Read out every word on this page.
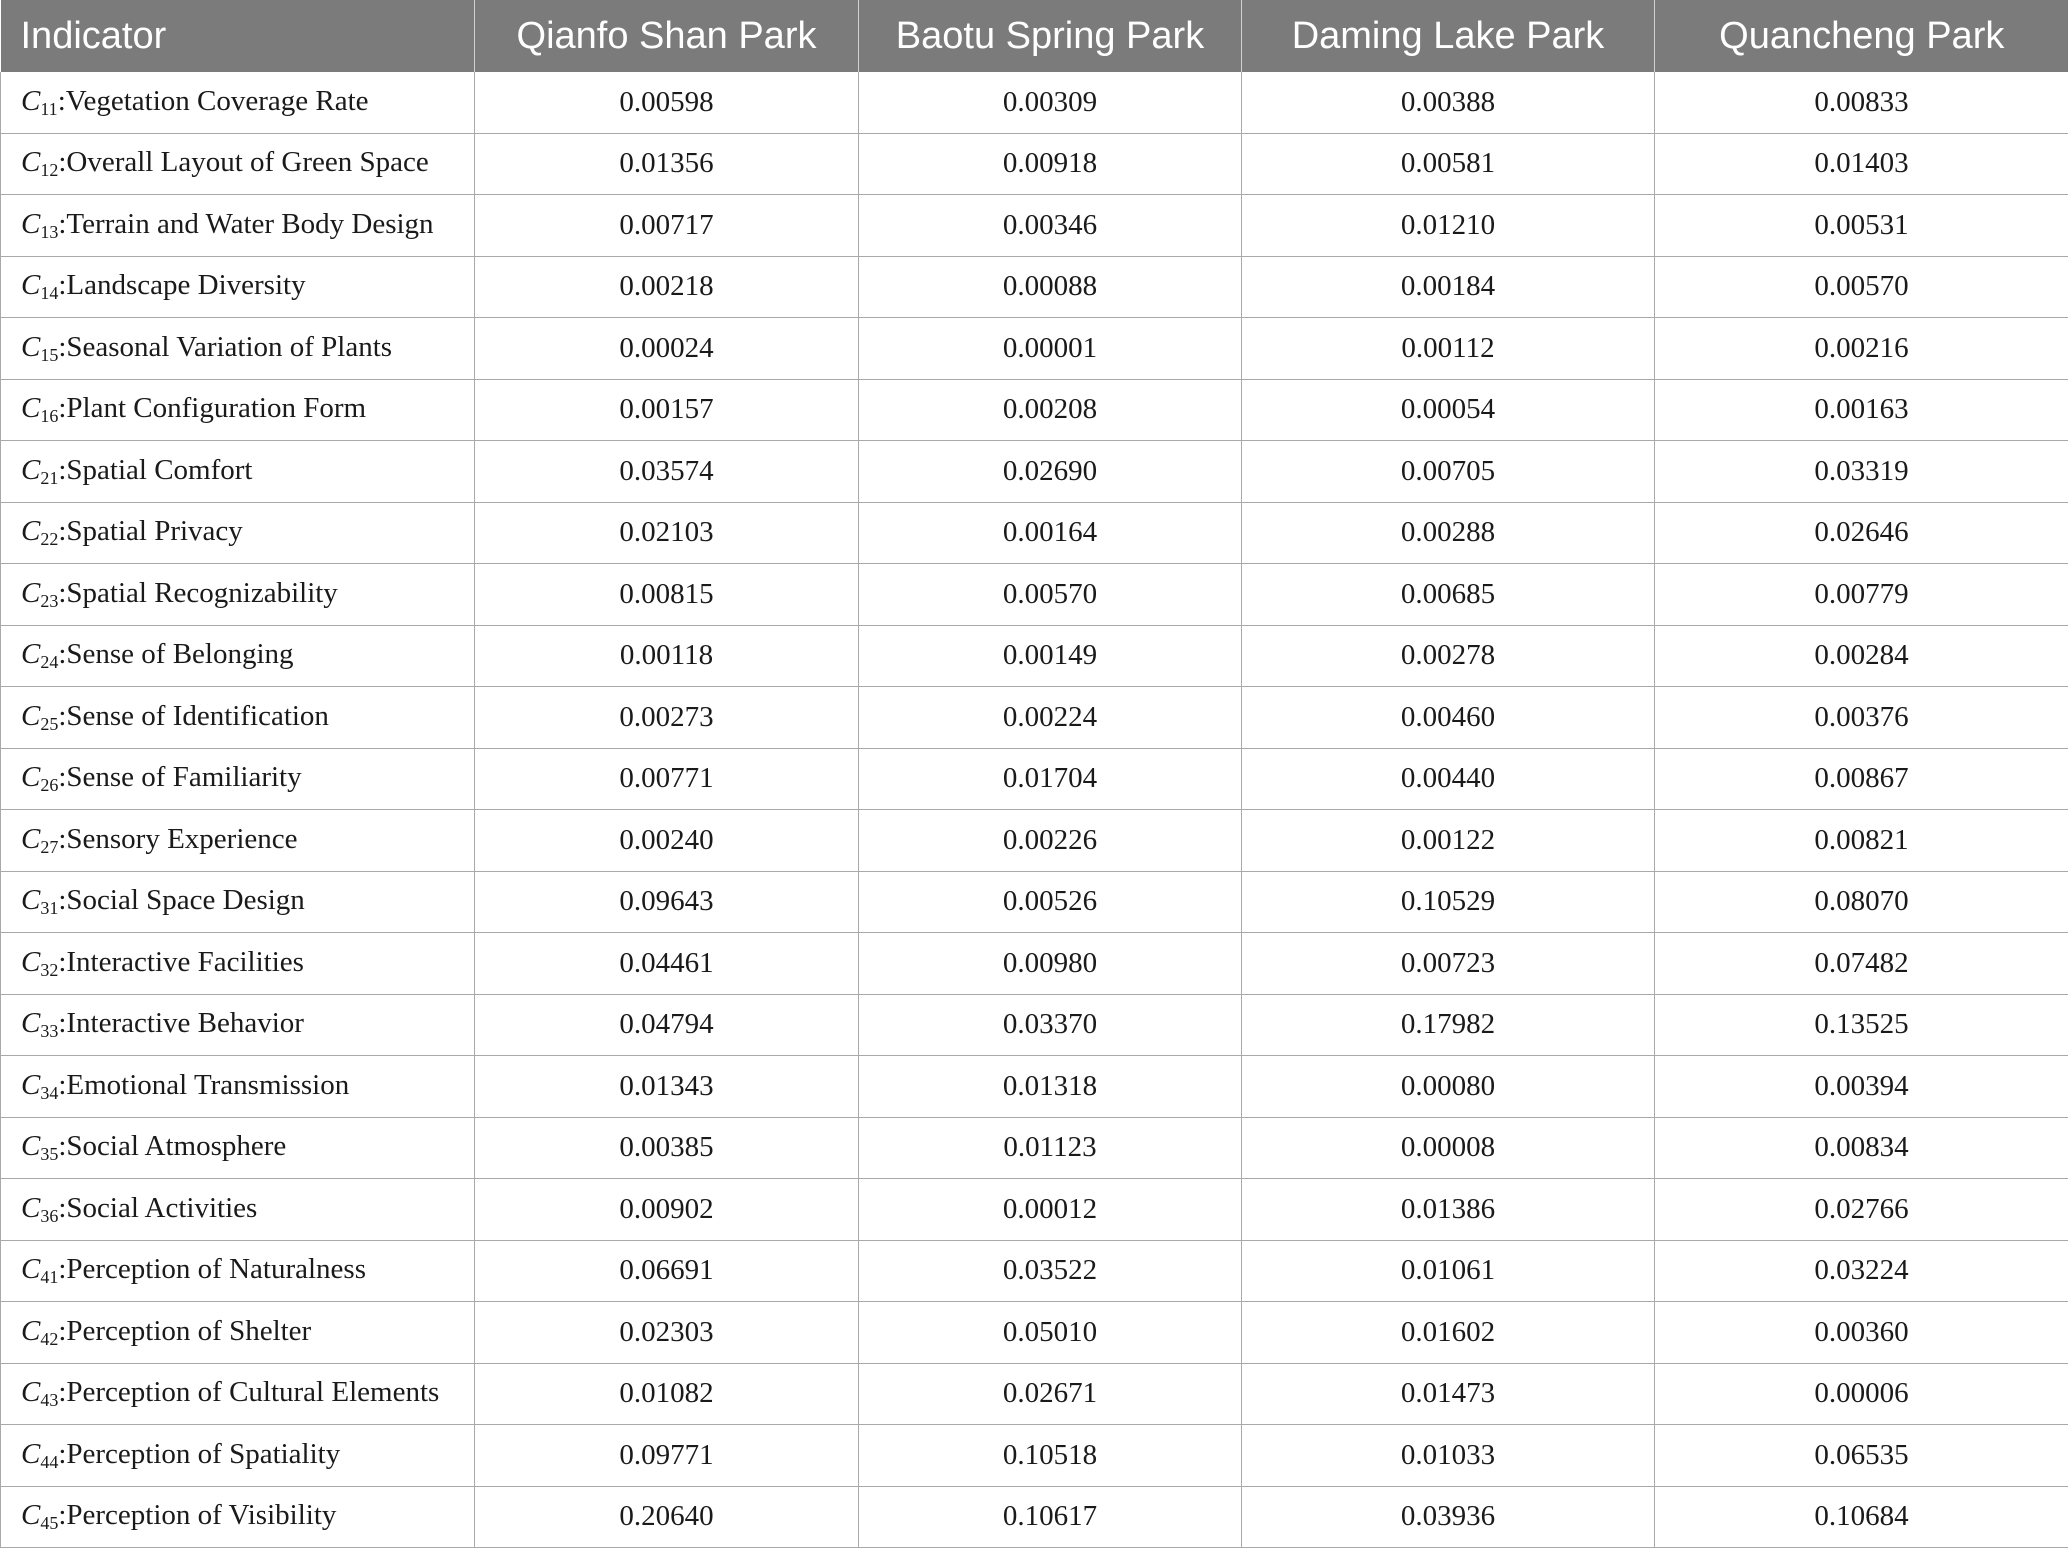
Indicator	Qianfo Shan Park	Baotu Spring Park	Daming Lake Park	Quancheng Park
$C_{11}:Vegetation$ Coverage Rate	0.00598	0.00309	0.00388	0.00833
$C_{12}:Overall$ Layout of Green Space	0.01356	0.00918	0.00581	0.01403
$C_{13}:Terrain$ and Water Body Design	0.00717	0.00346	0.01210	0.00531
$C_{14}:Landscape$ Diversity	0.00218	0.00088	0.00184	0.00570
$C_{15}:Seasonal$ Variation of Plants	0.00024	0.00001	0.00112	0.00216
$C_{16}:Plant$ Configuration Form	0.00157	0.00208	0.00054	0.00163
$C_{21}:Spatial$ Comfort	0.03574	0.02690	0.00705	0.03319
$C_{22}:Spatial$ Privacy	0.02103	0.00164	0.00288	0.02646
$C_{23}:Spatial$ Recognizability	0.00815	0.00570	0.00685	0.00779
$C_{24}:Sense$ of Belonging	0.00118	0.00149	0.00278	0.00284
$C_{25}:Sense$ of Identification	0.00273	0.00224	0.00460	0.00376
$C_{26}:Sense$ of Familiarity	0.00771	0.01704	0.00440	0.00867
$C_{27}:Sensory$ Experience	0.00240	0.00226	0.00122	0.00821
$C_{31}:Social$ Space Design	0.09643	0.00526	0.10529	0.08070
$C_{32}:Interactive$ Facilities	0.04461	0.00980	0.00723	0.07482
$C_{33}:Interactive$ Behavior	0.04794	0.03370	0.17982	0.13525
$C_{34}:Emotional$ Transmission	0.01343	0.01318	0.00080	0.00394
$C_{35}:Social$ Atmosphere	0.00385	0.01123	0.00008	0.00834
$C_{36}:Social$ Activities	0.00902	0.00012	0.01386	0.02766
$C_{41}:Perception$ of Naturalness	0.06691	0.03522	0.01061	0.03224
$C_{42}:Perception$ of Shelter	0.02303	0.05010	0.01602	0.00360
$C_{43}:Perception$ of Cultural Elements	0.01082	0.02671	0.01473	0.00006
$C_{44}:Perception$ of Spatiality	0.09771	0.10518	0.01033	0.06535
$C_{45}:Perception$ of Visibility	0.20640	0.10617	0.03936	0.10684
